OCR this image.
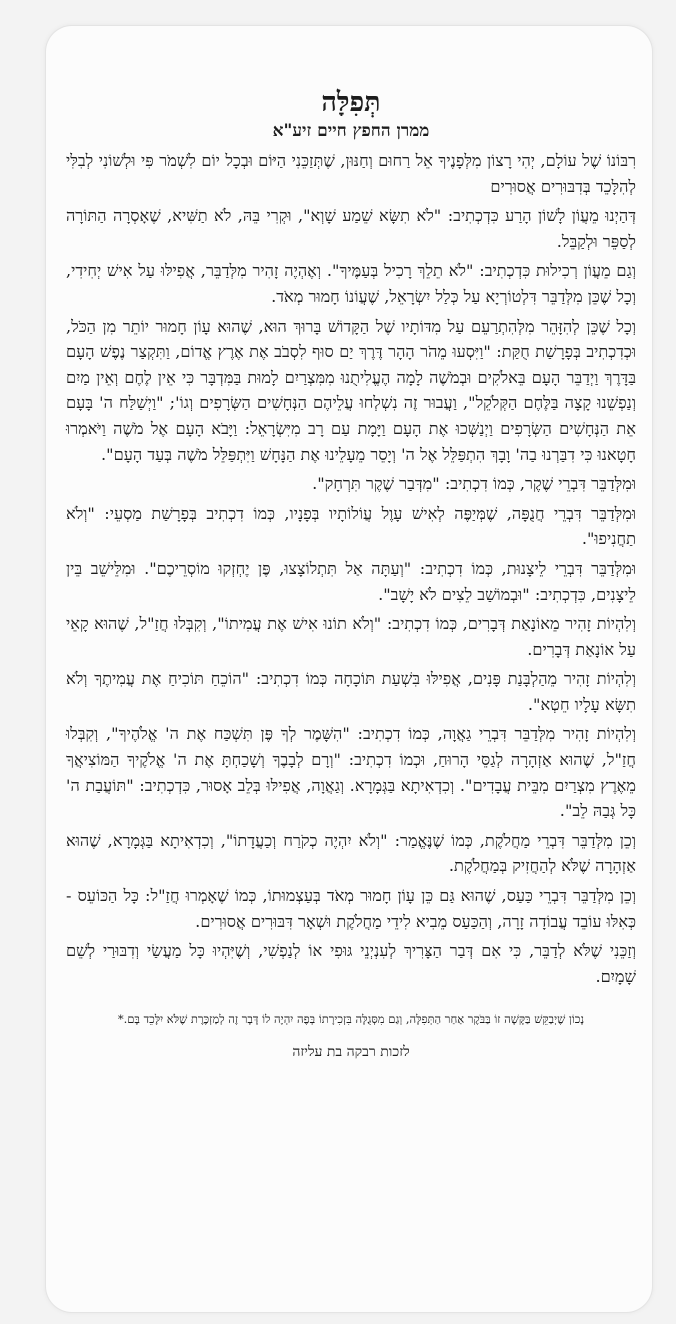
תְּפִלָּה

ממרן החפץ חיים זיע"א

רִבּוֹנוֹ שֶׁל עוֹלָם, יְהִי רָצוֹן מִלְּפָנֶיךָ אֵל רַחוּם וְחַנּוּן, שֶׁתְּזַכֵּנִי הַיּוֹם וּבְכָל יוֹם לִשְׁמֹר פִּי וּלְשׁוֹנִי לְבִלִּי לְהִלָּכֵד בְּדִבּוּרִים אֲסוּרִים

דְּהַיְנוּ מֵעֲוֹן לָשׁוֹן הָרַע כִּדְכְתִיב: "לֹא תִשָּׂא שֵׁמַע שָׁוְא", וּקְרִי בֵּהּ, לֹא תַשִּׁיא, שֶׁאָסְרָה הַתּוֹרָה לְסַפֵּר וּלְקַבֵּל.

וְגַם מֵעֲוֹן רְכִילוּת כִּדְכְתִיב: "לֹא תֵלֵךְ רָכִיל בְּעַמֶּיךָ". וְאֶהְיֶה זָהִיר מִלְּדַבֵּר, אֲפִילּוּ עַל אִישׁ יְחִידִי, וְכָל שֶׁכֵּן מִלְּדַבֵּר דִּלְטוֹרְיָא עַל כְּלַל יִשְׂרָאֵל, שֶׁעֲוֹנוֹ חָמוּר מְאֹד.

וְכָל שֶׁכֵּן לְהִזָּהֵר מִלְּהִתְרַעֵם עַל מִדּוֹתָיו שֶׁל הַקָּדוֹשׁ בָּרוּךְ הוּא, שֶׁהוּא עָוֹן חָמוּר יוֹתֵר מִן הַכֹּל, וּכְדִכְתִיב בְּפָרָשַׁת חֻקַּת: "וַיִּסְעוּ מֵהֹר הָהָר דֶּרֶךְ יַם סוּף לִסְבֹב אֶת אֶרֶץ אֱדוֹם, וַתִּקְצַר נֶפֶשׁ הָעָם בַּדָּרֶךְ וַיְדַבֵּר הָעָם בֵּאלֹקִים וּבְמֹשֶׁה לָמָה הֶעֱלִיתֻנוּ מִמִּצְרַיִם לָמוּת בַּמִּדְבָּר כִּי אֵין לֶחֶם וְאֵין מַיִם וְנַפְשֵׁנוּ קָצָה בַּלֶּחֶם הַקְּלֹקֵל", וַעֲבוּר זֶה נִשְׁלְחוּ עֲלֵיהֶם הַנְּחָשִׁים הַשְּׂרָפִים וְגוֹ'; "וַיְשַׁלַּח ה' בָּעָם אֵת הַנְּחָשִׁים הַשְּׂרָפִים וַיְנַשְּׁכוּ אֶת הָעָם וַיָּמָת עַם רָב מִיִּשְׂרָאֵל: וַיָּבֹא הָעָם אֶל מֹשֶׁה וַיֹּאמְרוּ חָטָאנוּ כִּי דִבַּרְנוּ בַה' וָבָךְ הִתְפַּלֵּל אֶל ה' וְיָסֵר מֵעָלֵינוּ אֶת הַנָּחָשׁ וַיִּתְפַּלֵּל מֹשֶׁה בְּעַד הָעָם".

וּמִלְּדַבֵּר דִּבְרֵי שֶׁקֶר, כְּמוֹ דִכְתִיב: "מִדְּבַר שֶׁקֶר תִּרְחָק".

וּמִלְּדַבֵּר דִּבְרֵי חֲנֻפָּה, שֶׁמְּיַפֶּה לְאִישׁ עָוֶל עֲוֹלוֹתָיו בְּפָנָיו, כְּמוֹ דִכְתִיב בְּפָרָשַׁת מַסְעֵי: "וְלֹא תַחֲנִיפוּ".

וּמִלְּדַבֵּר דִּבְרֵי לֵיצָנוּת, כְּמוֹ דִכְתִיב: "וְעַתָּה אַל תִּתְלוֹצָצוּ, פֶּן יֶחְזְקוּ מוֹסְרֵיכֶם". וּמִלֵּישֵׁב בֵּין לֵיצָנִים, כִּדְכְתִיב: "וּבְמוֹשַׁב לֵצִים לֹא יָשָׁב".

וְלִהְיוֹת זָהִיר מֵאוֹנָאַת דְּבָרִים, כְּמוֹ דִכְתִיב: "וְלֹא תוֹנוּ אִישׁ אֶת עֲמִיתוֹ", וְקִבְּלוּ חֲזַ"ל, שֶׁהוּא קָאֵי עַל אוֹנָאַת דְּבָרִים.

וְלִהְיוֹת זָהִיר מֵהַלְבָּנַת פָּנִים, אֲפִילּוּ בִּשְׁעַת תּוֹכָחָה כְּמוֹ דִכְתִיב: "הוֹכֵחַ תּוֹכִיחַ אֶת עֲמִיתֶךָ וְלֹא תִשָּׂא עָלָיו חֵטְא".

וְלִהְיוֹת זָהִיר מִלְּדַבֵּר דִּבְרֵי גַאֲוָה, כְּמוֹ דִכְתִיב: "הִשָּׁמֶר לְךָ פֶּן תִּשְׁכַּח אֶת ה' אֱלֹהֶיךָ", וְקִבְּלוּ חֲזַ"ל, שֶׁהוּא אַזְהָרָה לְגַסֵּי הָרוּחַ, וּכְמוֹ דִכְתִיב: "וְרָם לְבָבֶךָ וְשָׁכַחְתָּ אֶת ה' אֱלֹקֶיךָ הַמּוֹצִיאֲךָ מֵאֶרֶץ מִצְרַיִם מִבֵּית עֲבָדִים". וְכִדְאִיתָא בַּגְּמָרָא. וְגַאֲוָה, אֲפִילּוּ בְּלֵב אָסוּר, כִּדְכְתִיב: "תּוֹעֲבַת ה' כָּל גְּבַהּ לֵב".

וְכֵן מִלְּדַבֵּר דִּבְרֵי מַחֲלֹקֶת, כְּמוֹ שֶׁנֶּאֱמַר: "וְלֹא יִהְיֶה כְקֹרַח וְכַעֲדָתוֹ", וְכִדְאִיתָא בַּגְּמָרָא, שֶׁהוּא אַזְהָרָה שֶׁלֹּא לְהַחֲזִיק בְּמַחֲלֹקֶת.

וְכֵן מִלְּדַבֵּר דִּבְרֵי כַּעַס, שֶׁהוּא גַּם כֵּן עָוֹן חָמוּר מְאֹד בְּעַצְמוּתוֹ, כְּמוֹ שֶׁאָמְרוּ חֲזַ"ל: כָּל הַכּוֹעֵס - כְּאִלּוּ עוֹבֵד עֲבוֹדָה זָרָה, וְהַכַּעַס מֵבִיא לִידֵי מַחֲלֹקֶת וּשְׁאָר דִּבּוּרִים אֲסוּרִים.

וְזַכֵּנִי שֶׁלֹּא לְדַבֵּר, כִּי אִם דְּבַר הַצָּרִיךְ לְעִנְיְנֵי גּוּפִי אוֹ לְנַפְשִׁי, וְשֶׁיִּהְיוּ כָּל מַעֲשַׂי וְדִבּוּרַי לְשֵׁם שָׁמָיִם.

נָכוֹן שֶׁיְבַקֵּשׁ בַּקָּשָׁה זוֹ בַּבֹּקֶר אַחַר הַתְּפִלָּה, וְגַם מִסְּגֻלָּה בִּזְכִירָתוֹ בְּפֶה יִהְיֶה לוֹ דָּבָר זֶה לְמַזְכֶּרֶת שֶׁלֹּא יִלָּכֵד בָּם.*

לזכות רבקה בת עליזה
